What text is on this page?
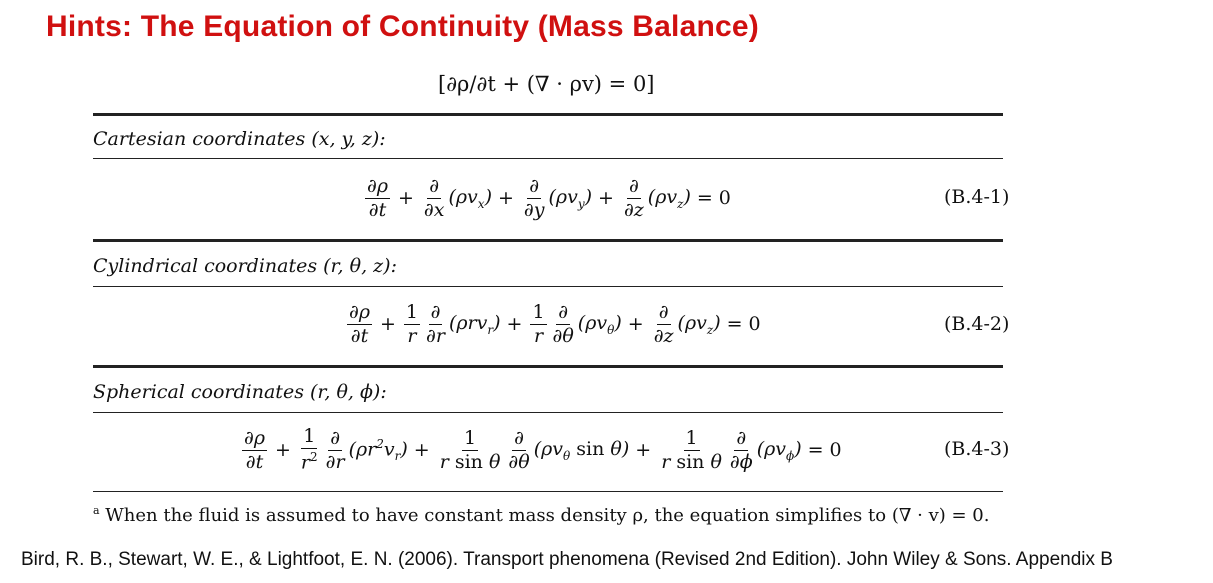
Hints: The Equation of Continuity (Mass Balance)
[∂ρ/∂t + (∇ · ρv) = 0]
Cartesian coordinates (x, y, z):
$\frac{\partial\rho}{\partial t} + \frac{\partial}{\partial x} (\rho v_x) + \frac{\partial}{\partial y} (\rho v_y) + \frac{\partial}{\partial z} (\rho v_z) = 0$	(B.4-1)
Cylindrical coordinates (r, θ, z):
$\frac{\partial\rho}{\partial t} + \frac{1}{r} \frac{\partial}{\partial r} (\rho rv_r) + \frac{1}{r} \frac{\partial}{\partial\theta} (\rho v_\theta) + \frac{\partial}{\partial z} (\rho v_z) = 0$	(B.4-2)
Spherical coordinates (r, θ, ϕ):
$\frac{\partial\rho}{\partial t} + \frac{1}{r^2} \frac{\partial}{\partial r} (\rho r^2v_r) + \frac{1}{\text{r sin θ}} \frac{\partial}{\partial\theta} (\rho v_\theta$ $\sin \theta) + \frac{1}{\text{r sin θ}} \frac{\partial}{\partial\phi} (\rho v_\phi) = 0$	(B.4-3)
$^a$ When the fluid is assumed to have constant mass density ρ, the equation simplifies to (∇ · v) = 0.
Bird, R. B., Stewart, W. E., & Lightfoot, E. N. (2006). Transport phenomena (Revised 2nd Edition). John Wiley & Sons. Appendix B
